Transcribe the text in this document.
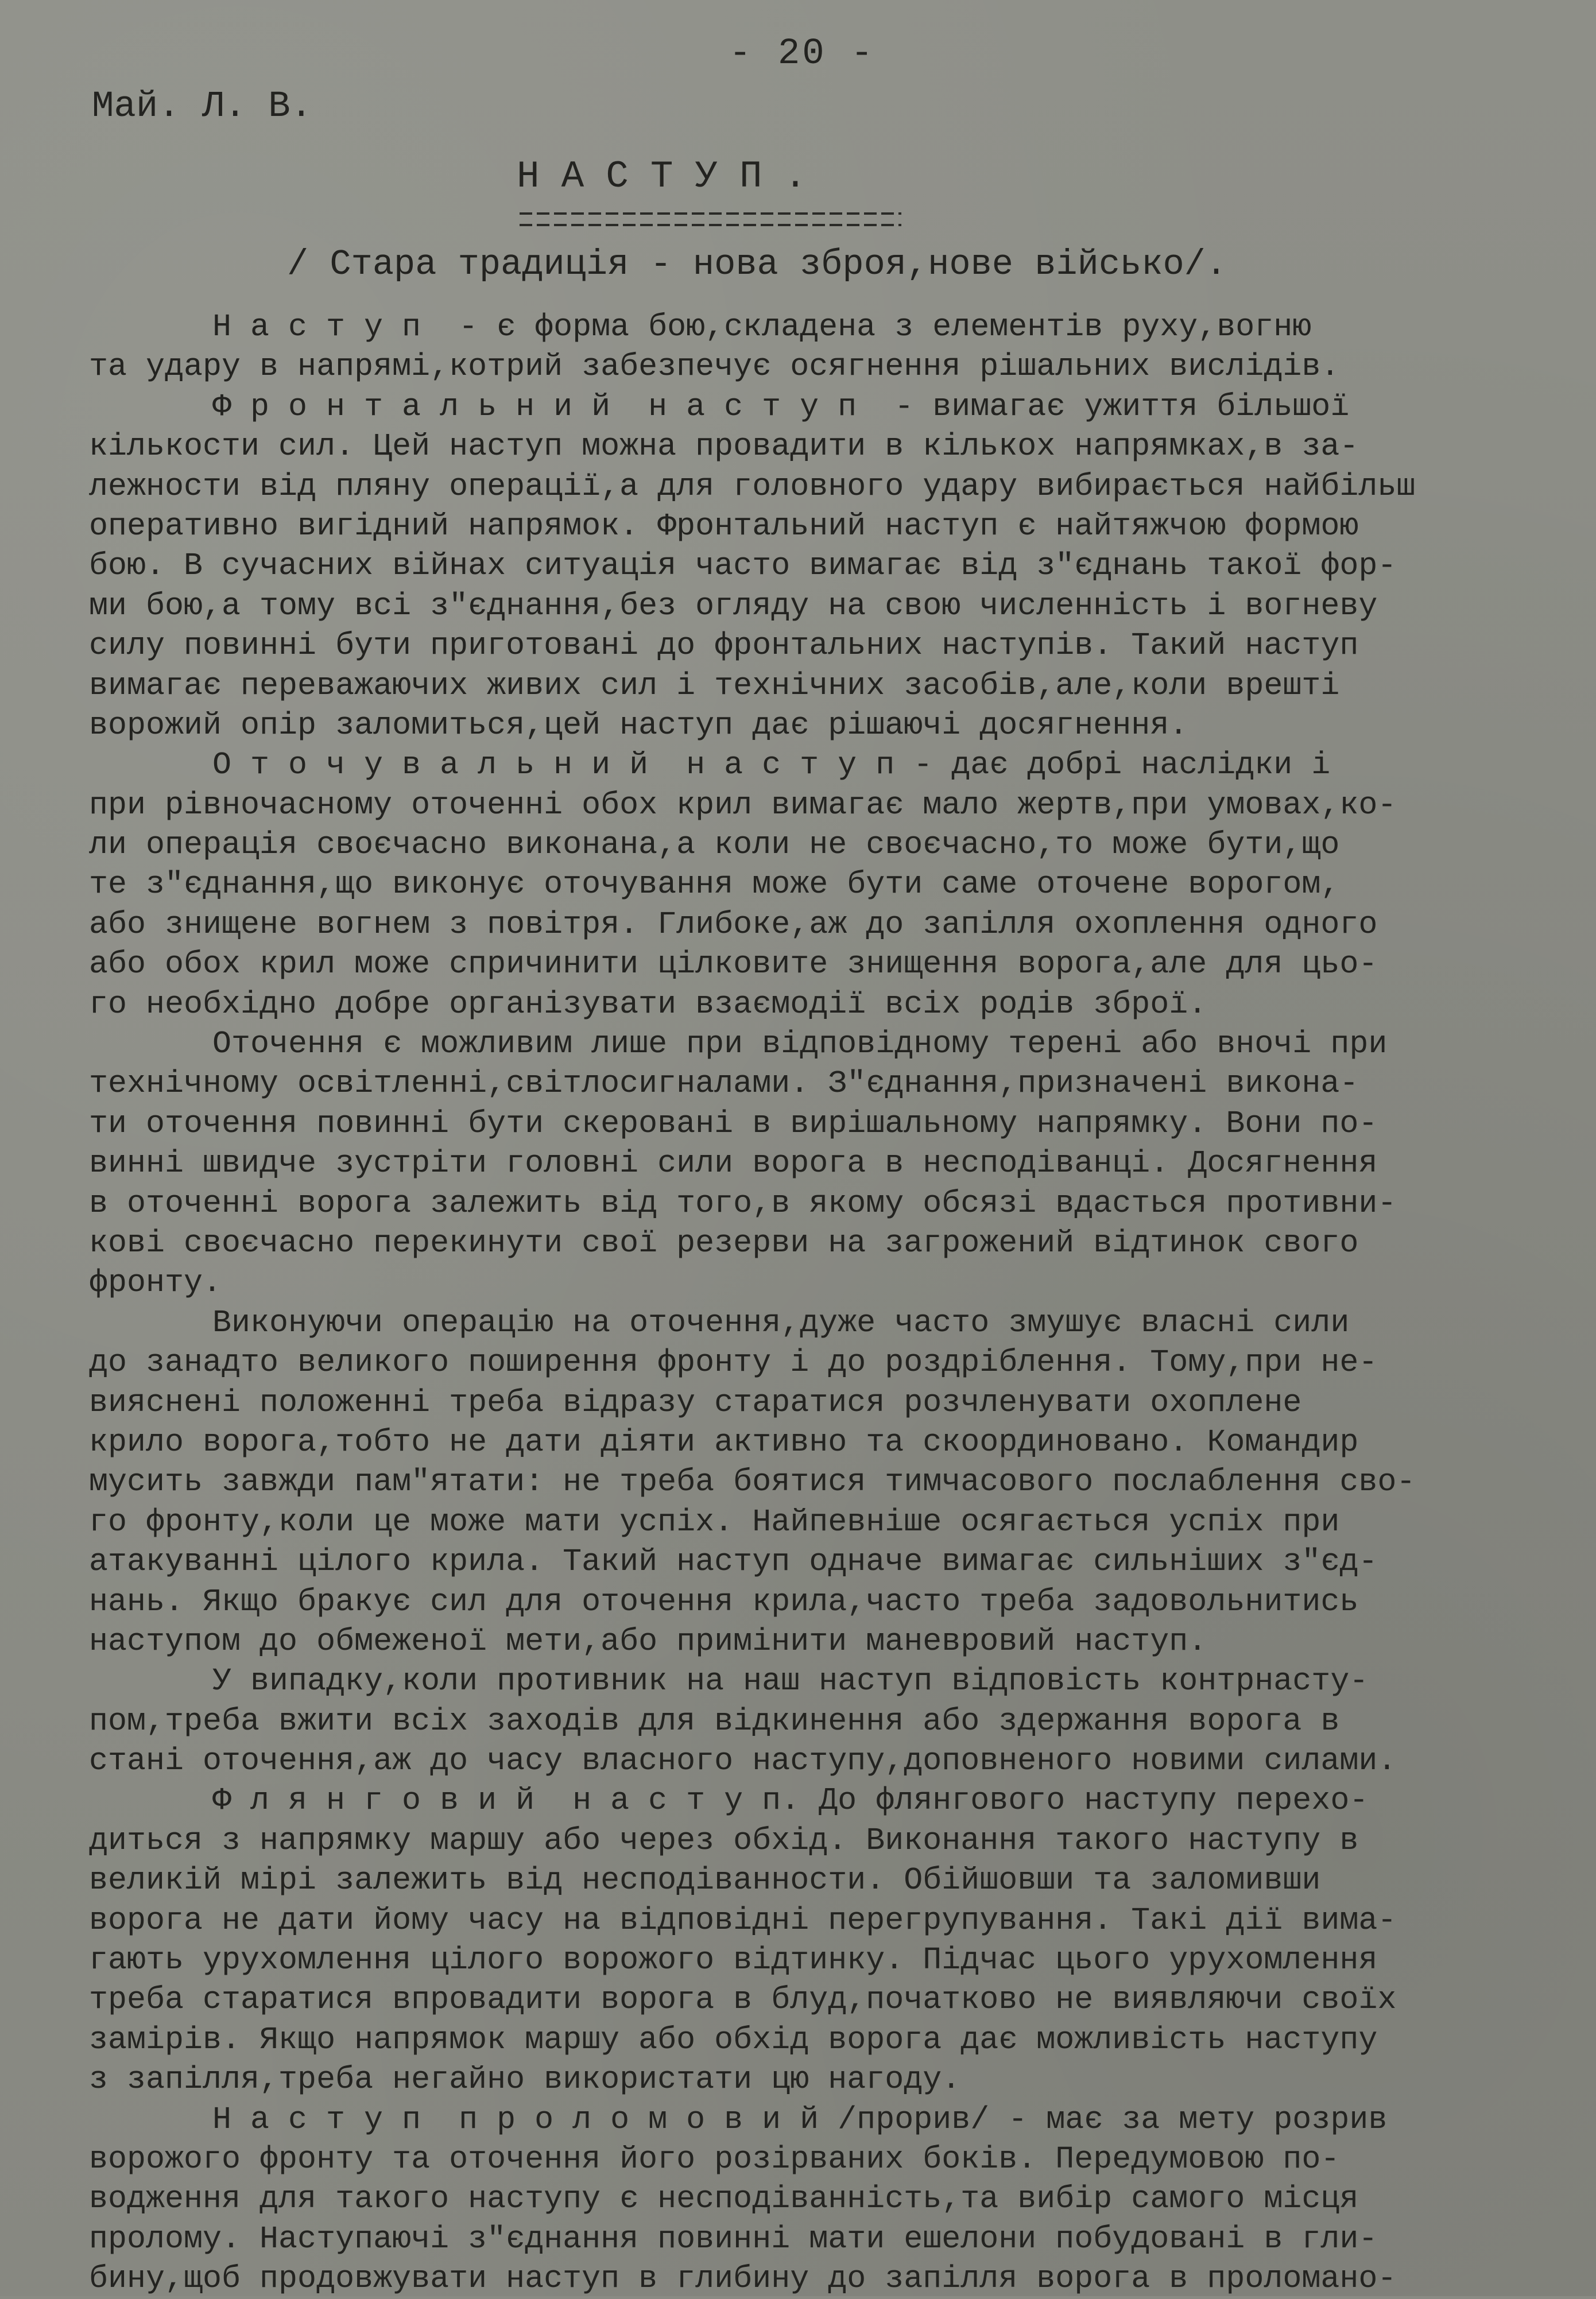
- 20 -
Май. Л. В.
НАСТУП.
/ Стара традиція - нова зброя,нове військо/.
Н а с т у п  - є форма бою,складена з елементів руху,вогню
та удару в напрямі,котрий забезпечує осягнення рішальних вислідів.
Ф р о н т а л ь н и й  н а с т у п  - вимагає ужиття більшої
кількости сил. Цей наступ можна провадити в кількох напрямках,в за-
лежности від пляну операції,а для головного удару вибирається найбільш
оперативно вигідний напрямок. Фронтальний наступ є найтяжчою формою
бою. В сучасних війнах ситуація часто вимагає від з"єднань такої фор-
ми бою,а тому всі з"єднання,без огляду на свою численність і вогневу
силу повинні бути приготовані до фронтальних наступів. Такий наступ
вимагає переважаючих живих сил і технічних засобів,але,коли врешті
ворожий опір заломиться,цей наступ дає рішаючі досягнення.
О т о ч у в а л ь н и й  н а с т у п - дає добрі наслідки і
при рівночасному оточенні обох крил вимагає мало жертв,при умовах,ко-
ли операція своєчасно виконана,а коли не своєчасно,то може бути,що
те з"єднання,що виконує оточування може бути саме оточене ворогом,
або знищене вогнем з повітря. Глибоке,аж до запілля охоплення одного
або обох крил може спричинити цілковите знищення ворога,але для цьо-
го необхідно добре організувати взаємодії всіх родів зброї.
Оточення є можливим лише при відповідному терені або вночі при
технічному освітленні,світлосигналами. З"єднання,призначені викона-
ти оточення повинні бути скеровані в вирішальному напрямку. Вони по-
винні швидче зустріти головні сили ворога в несподіванці. Досягнення
в оточенні ворога залежить від того,в якому обсязі вдасться противни-
кові своєчасно перекинути свої резерви на загрожений відтинок свого
фронту.
Виконуючи операцію на оточення,дуже часто змушує власні сили
до занадто великого поширення фронту і до роздріблення. Тому,при не-
вияснені положенні треба відразу старатися розчленувати охоплене
крило ворога,тобто не дати діяти активно та скоординовано. Командир
мусить завжди пам"ятати: не треба боятися тимчасового послаблення сво-
го фронту,коли це може мати успіх. Найпевніше осягається успіх при
атакуванні цілого крила. Такий наступ одначе вимагає сильніших з"єд-
нань. Якщо бракує сил для оточення крила,часто треба задовольнитись
наступом до обмеженої мети,або примінити маневровий наступ.
У випадку,коли противник на наш наступ відповість контрнасту-
пом,треба вжити всіх заходів для відкинення або здержання ворога в
стані оточення,аж до часу власного наступу,доповненого новими силами.
Ф л я н г о в и й  н а с т у п. До флянгового наступу перехо-
диться з напрямку маршу або через обхід. Виконання такого наступу в
великій мірі залежить від несподіванности. Обійшовши та заломивши
ворога не дати йому часу на відповідні перегрупування. Такі дії вима-
гають урухомлення цілого ворожого відтинку. Підчас цього урухомлення
треба старатися впровадити ворога в блуд,початково не виявляючи своїх
замірів. Якщо напрямок маршу або обхід ворога дає можливість наступу
з запілля,треба негайно використати цю нагоду.
Н а с т у п  п р о л о м о в и й /прорив/ - має за мету розрив
ворожого фронту та оточення його розірваних боків. Передумовою по-
водження для такого наступу є несподіванність,та вибір самого місця
пролому. Наступаючі з"єднання повинні мати ешелони побудовані в гли-
бину,щоб продовжувати наступ в глибину до запілля ворога в проломано-
